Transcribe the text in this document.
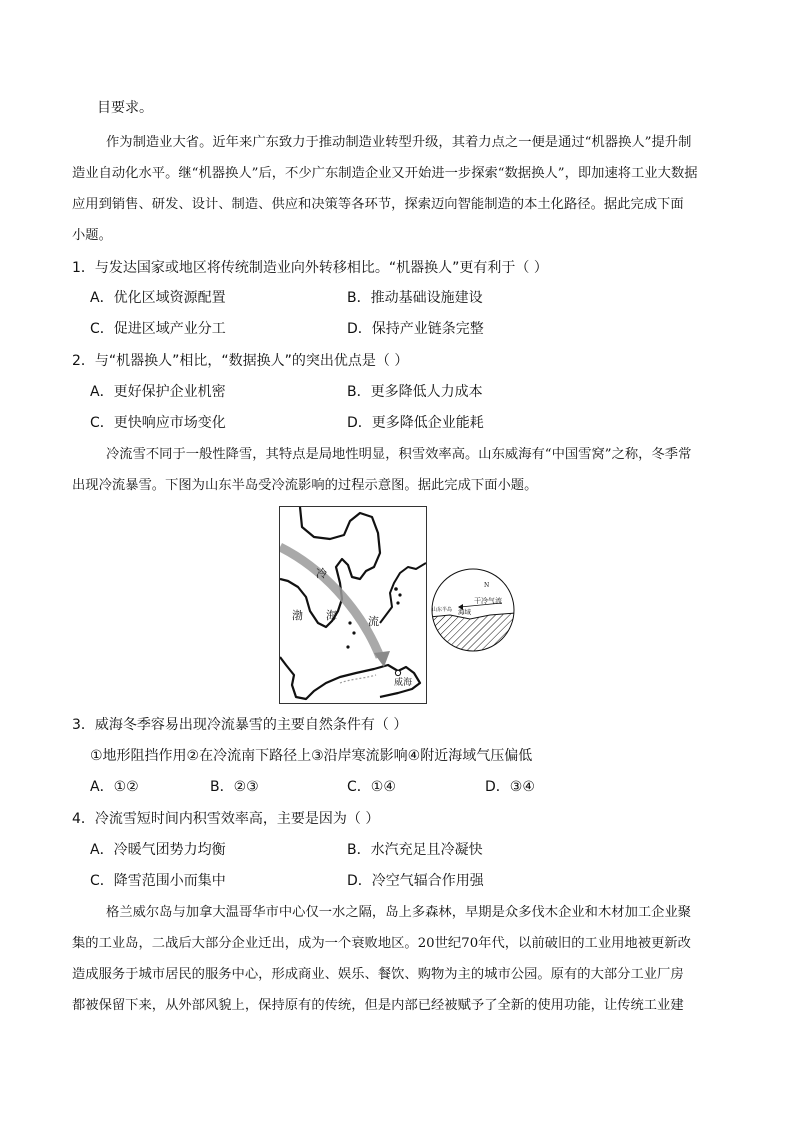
目要求。
作为制造业大省。近年来广东致力于推动制造业转型升级，其着力点之一便是通过“机器换人”提升制
造业自动化水平。继“机器换人”后，不少广东制造企业又开始进一步探索“数据换人”，即加速将工业大数据
应用到销售、研发、设计、制造、供应和决策等各环节，探索迈向智能制造的本土化路径。据此完成下面
小题。
1．与发达国家或地区将传统制造业向外转移相比。“机器换人”更有利于（ ）
A．优化区域资源配置	B．推动基础设施建设
C．促进区域产业分工	D．保持产业链条完整
2．与“机器换人”相比，“数据换人”的突出优点是（ ）
A．更好保护企业机密	B．更多降低人力成本
C．更快响应市场变化	D．更多降低企业能耗
冷流雪不同于一般性降雪，其特点是局地性明显，积雪效率高。山东威海有“中国雪窝”之称，冬季常
出现冷流暴雪。下图为山东半岛受冷流影响的过程示意图。据此完成下面小题。
冷
渤 海	流
威海
N
干冷气流
海域
山东半岛
3．威海冬季容易出现冷流暴雪的主要自然条件有（ ）
①地形阻挡作用②在冷流南下路径上③沿岸寒流影响④附近海域气压偏低
A．①②	B．②③	C．①④	D．③④
4．冷流雪短时间内积雪效率高，主要是因为（ ）
A．冷暖气团势力均衡	B．水汽充足且冷凝快
C．降雪范围小而集中	D．冷空气辐合作用强
格兰威尔岛与加拿大温哥华市中心仅一水之隔，岛上多森林，早期是众多伐木企业和木材加工企业聚
集的工业岛，二战后大部分企业迁出，成为一个衰败地区。20世纪70年代，以前破旧的工业用地被更新改
造成服务于城市居民的服务中心，形成商业、娱乐、餐饮、购物为主的城市公园。原有的大部分工业厂房
都被保留下来，从外部风貌上，保持原有的传统，但是内部已经被赋予了全新的使用功能，让传统工业建
